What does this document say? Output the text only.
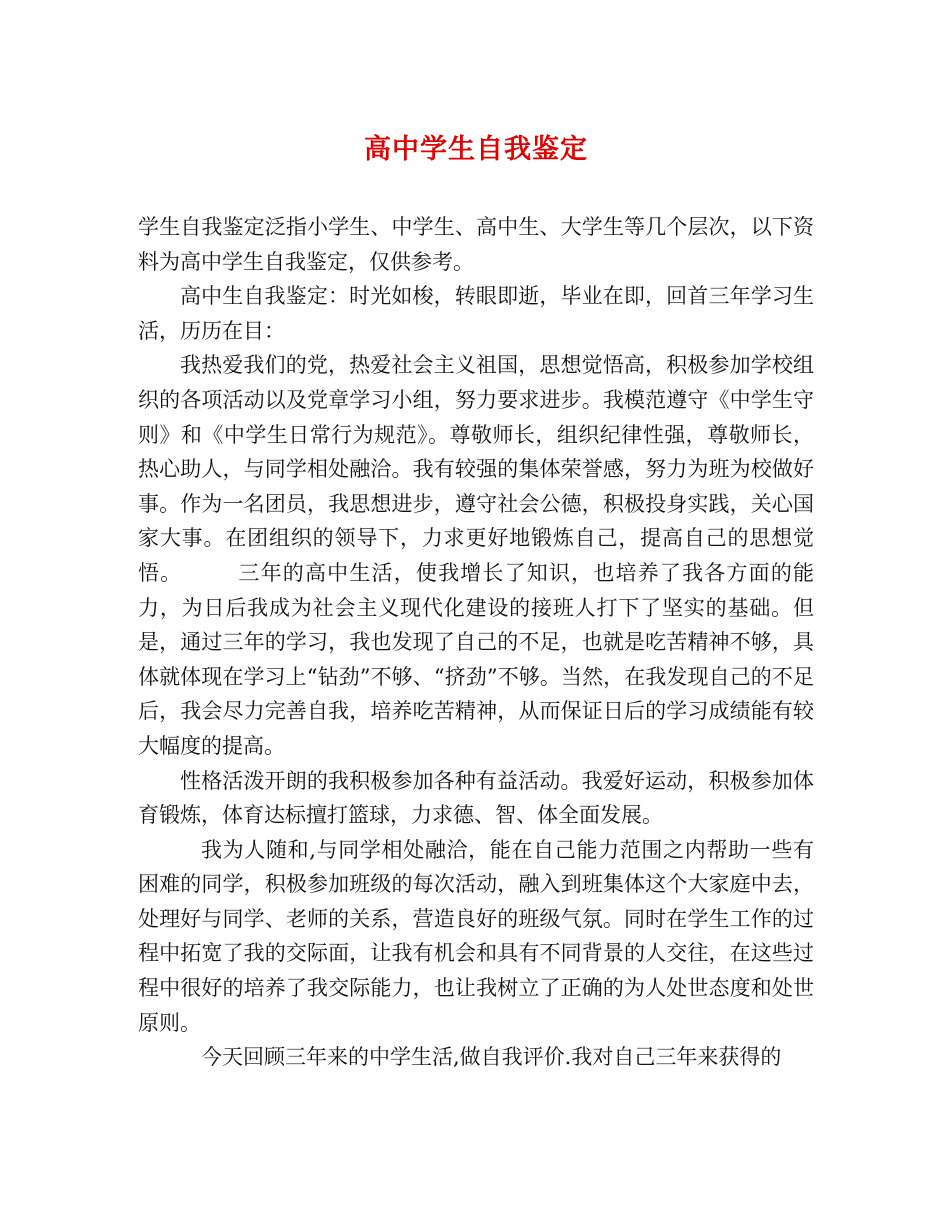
高中学生自我鉴定

学生自我鉴定泛指小学生、中学生、高中生、大学生等几个层次，以下资料为高中学生自我鉴定，仅供参考。

高中生自我鉴定：时光如梭，转眼即逝，毕业在即，回首三年学习生活，历历在目：

我热爱我们的党，热爱社会主义祖国，思想觉悟高，积极参加学校组织的各项活动以及党章学习小组，努力要求进步。我模范遵守《中学生守则》和《中学生日常行为规范》。尊敬师长，组织纪律性强，尊敬师长，热心助人，与同学相处融洽。我有较强的集体荣誉感，努力为班为校做好事。作为一名团员，我思想进步，遵守社会公德，积极投身实践，关心国家大事。在团组织的领导下，力求更好地锻炼自己，提高自己的思想觉悟。　　　三年的高中生活，使我增长了知识，也培养了我各方面的能力，为日后我成为社会主义现代化建设的接班人打下了坚实的基础。但是，通过三年的学习，我也发现了自己的不足，也就是吃苦精神不够，具体就体现在学习上“钻劲”不够、“挤劲”不够。当然，在我发现自己的不足后，我会尽力完善自我，培养吃苦精神，从而保证日后的学习成绩能有较大幅度的提高。

性格活泼开朗的我积极参加各种有益活动。我爱好运动，积极参加体育锻炼，体育达标擅打篮球，力求德、智、体全面发展。

我为人随和,与同学相处融洽，能在自己能力范围之内帮助一些有困难的同学，积极参加班级的每次活动，融入到班集体这个大家庭中去，处理好与同学、老师的关系，营造良好的班级气氛。同时在学生工作的过程中拓宽了我的交际面，让我有机会和具有不同背景的人交往，在这些过程中很好的培养了我交际能力，也让我树立了正确的为人处世态度和处世原则。

今天回顾三年来的中学生活,做自我评价.我对自己三年来获得的
